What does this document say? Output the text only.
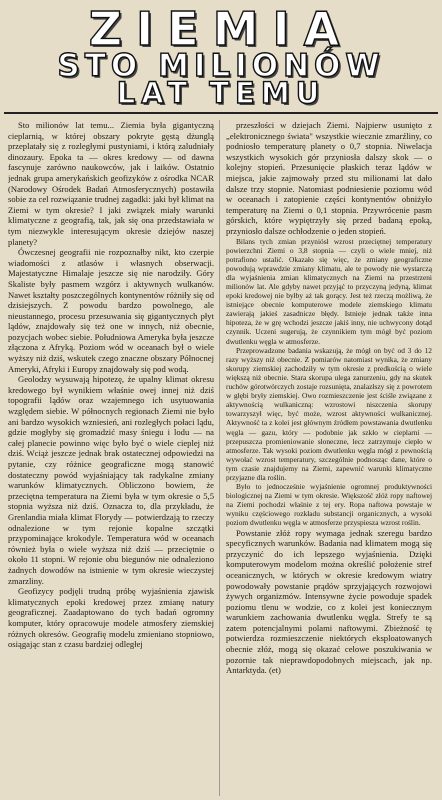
ZIEMIA
STO MILIONÓW
LAT TEMU

Sto milionów lat temu... Ziemia była gigantyczną cieplarnią, w której obszary pokryte gęstą dżunglą przeplatały się z rozległymi pustyniami, i którą zaludniały dinozaury. Epoka ta — okres kredowy — od dawna fascynuje zarówno naukowców, jak i laików. Ostatnio jednak grupa amerykańskich geofizyków z ośrodka NCAR (Narodowy Ośrodek Badań Atmosferycznych) postawiła sobie za cel rozwiązanie trudnej zagadki: jaki był klimat na Ziemi w tym okresie? I jaki związek miały warunki klimatyczne z geografią, tak, jak się ona przedstawiała w tym niezwykle interesującym okresie dziejów naszej planety?

Ówczesnej geografii nie rozpoznałby nikt, kto czerpie wiadomości z atlasów i własnych obserwacji. Majestatyczne Himalaje jeszcze się nie narodziły. Góry Skaliste były pasmem wzgórz i aktywnych wulkanów. Nawet kształty poszczególnych kontynentów różniły się od dzisiejszych. Z powodu bardzo powolnego, ale nieustannego, procesu przesuwania się gigantycznych płyt lądów, znajdowały się też one w innych, niż obecnie, pozycjach wobec siebie. Południowa Ameryka była jeszcze złączona z Afryką. Poziom wód w oceanach był o wiele wyższy niż dziś, wskutek czego znaczne obszary Północnej Ameryki, Afryki i Europy znajdowały się pod wodą.

Geolodzy wysuwają hipotezę, że upalny klimat okresu kredowego był wynikiem właśnie owej innej niż dziś topografii lądów oraz wzajemnego ich usytuowania względem siebie. W północnych regionach Ziemi nie było ani bardzo wysokich wzniesień, ani rozległych połaci lądu, gdzie mogłyby się gromadzić masy śniegu i lodu — na całej planecie powinno więc było być o wiele cieplej niż dziś. Wciąż jeszcze jednak brak ostatecznej odpowiedzi na pytanie, czy różnice geograficzne mogą stanowić dostateczny powód wyjaśniający tak radykalne zmiany warunków klimatycznych. Obliczono bowiem, że przeciętna temperatura na Ziemi była w tym okresie o 5,5 stopnia wyższa niż dziś. Oznacza to, dla przykładu, że Grenlandia miała klimat Florydy — potwierdzają to rzeczy odnalezione w tym rejonie kopalne szczątki przypominające krokodyle. Temperatura wód w oceanach również była o wiele wyższa niż dziś — przeciętnie o około 11 stopni. W rejonie obu biegunów nie odnaleziono żadnych dowodów na istnienie w tym okresie wieczystej zmarzliny.

Geofizycy podjęli trudną próbę wyjaśnienia zjawisk klimatycznych epoki kredowej przez zmianę natury geograficznej. Zaadaptowano do tych badań ogromny komputer, który opracowuje modele atmosfery ziemskiej różnych okresów. Geografię modelu zmieniano stopniowo, osiągając stan z czasu bardziej odległej

przeszłości w dziejach Ziemi. Najpierw usunięto z „elektronicznego świata" wszystkie wiecznie zmarźliny, co podniosło temperaturę planety o 0,7 stopnia. Niwelacja wszystkich wysokich gór przyniosła dalszy skok — o kolejny stopień. Przesunięcie płaskich teraz lądów w miejsca, jakie zajmowały przed stu milionami lat dało dalsze trzy stopnie. Natomiast podniesienie poziomu wód w oceanach i zatopienie części kontynentów obniżyło temperaturę na Ziemi o 0,1 stopnia. Przywrócenie pasm górskich, które wypiętrzyły się przed badaną epoką, przyniosło dalsze ochłodzenie o jeden stopień.

Bilans tych zmian przyniósł wzrost przeciętnej temperatury powierzchni Ziemi o 3,8 stopnia — czyli o wiele mniej, niż potrafiono ustalić. Okazało się więc, że zmiany geograficzne powodują wprawdzie zmiany klimatu, ale te powody nie wystarczą dla wyjaśnienia zmian klimatycznych na Ziemi na przestrzeni milionów lat. Ale gdyby nawet przyjąć to przyczyną jedyną, klimat epoki kredowej nie byłby aż tak gorący. Jest też rzeczą możliwą, że istniejące obecnie komputerowe modele ziemskiego klimatu zawierają jakieś zasadnicze błędy. Istnieje jednak także inna hipoteza, że w grę wchodzi jeszcze jakiś inny, nie uchwycony dotąd czynnik. Uczeni sugerują, że czynnikiem tym mógł być poziom dwutlenku węgla w atmosferze.

Przeprowadzone badania wskazują, że mógł on być od 3 do 12 razy wyższy niż obecnie. Z pomiarów natomiast wynika, że zmiany skorupy ziemskiej zachodziły w tym okresie z predkością o wiele większą niż obecnie. Stara skorupa ulega zanurzeniu, gdy na skutek ruchów górotwórczych zostaje rozsunięta, znalazłszy się z powrotem w głębi bryły ziemskiej. Owo rozmieszczenie jest ściśle związane z aktywnością wulkaniczną: wzrostowi niszczenia skorupy towarzyszył więc, być może, wzrost aktywności wulkanicznej. Aktywność ta z kolei jest głównym źródłem powstawania dwutlenku węgla — gazu, który — podobnie jak szkło w cieplarni — przepuszcza promieniowanie słoneczne, lecz zatrzymuje ciepło w atmosferze. Tak wysoki poziom dwutlenku węgla mógł z pewnością wywołać wzrost temperatury, szczególnie podnosząc dane, które o tym czasie znajdujemy na Ziemi, zapewnić warunki klimatyczne przyjazne dla roślin.

Było to jednocześnie wyjaśnienie ogromnej produktywności biologicznej na Ziemi w tym okresie. Większość złóż ropy naftowej na Ziemi pochodzi właśnie z tej ery. Ropa naftowa powstaje w wyniku częściowego rozkładu substancji organicznych, a wysoki poziom dwutlenku węgla w atmosferze przyspiesza wzrost roślin.

Powstanie złóż ropy wymaga jednak szeregu bardzo specyficznych warunków. Badania nad klimatem mogą się przyczynić do ich lepszego wyjaśnienia. Dzięki komputerowym modelom można określić położenie stref oceanicznych, w których w okresie kredowym wiatry powodowały powstanie prądów sprzyjających rozwojowi żywych organizmów. Intensywne życie powoduje spadek poziomu tlenu w wodzie, co z kolei jest koniecznym warunkiem zachowania dwutlenku węgla. Strefy te są zatem potencjalnymi polami naftowymi. Zbieżność tę potwierdza rozmieszczenie niektórych eksploatowanych obecnie złóż, mogą się okazać celowe poszukiwania w pozornie tak nieprawdopodobnych miejscach, jak np. Antarktyda. (et)
